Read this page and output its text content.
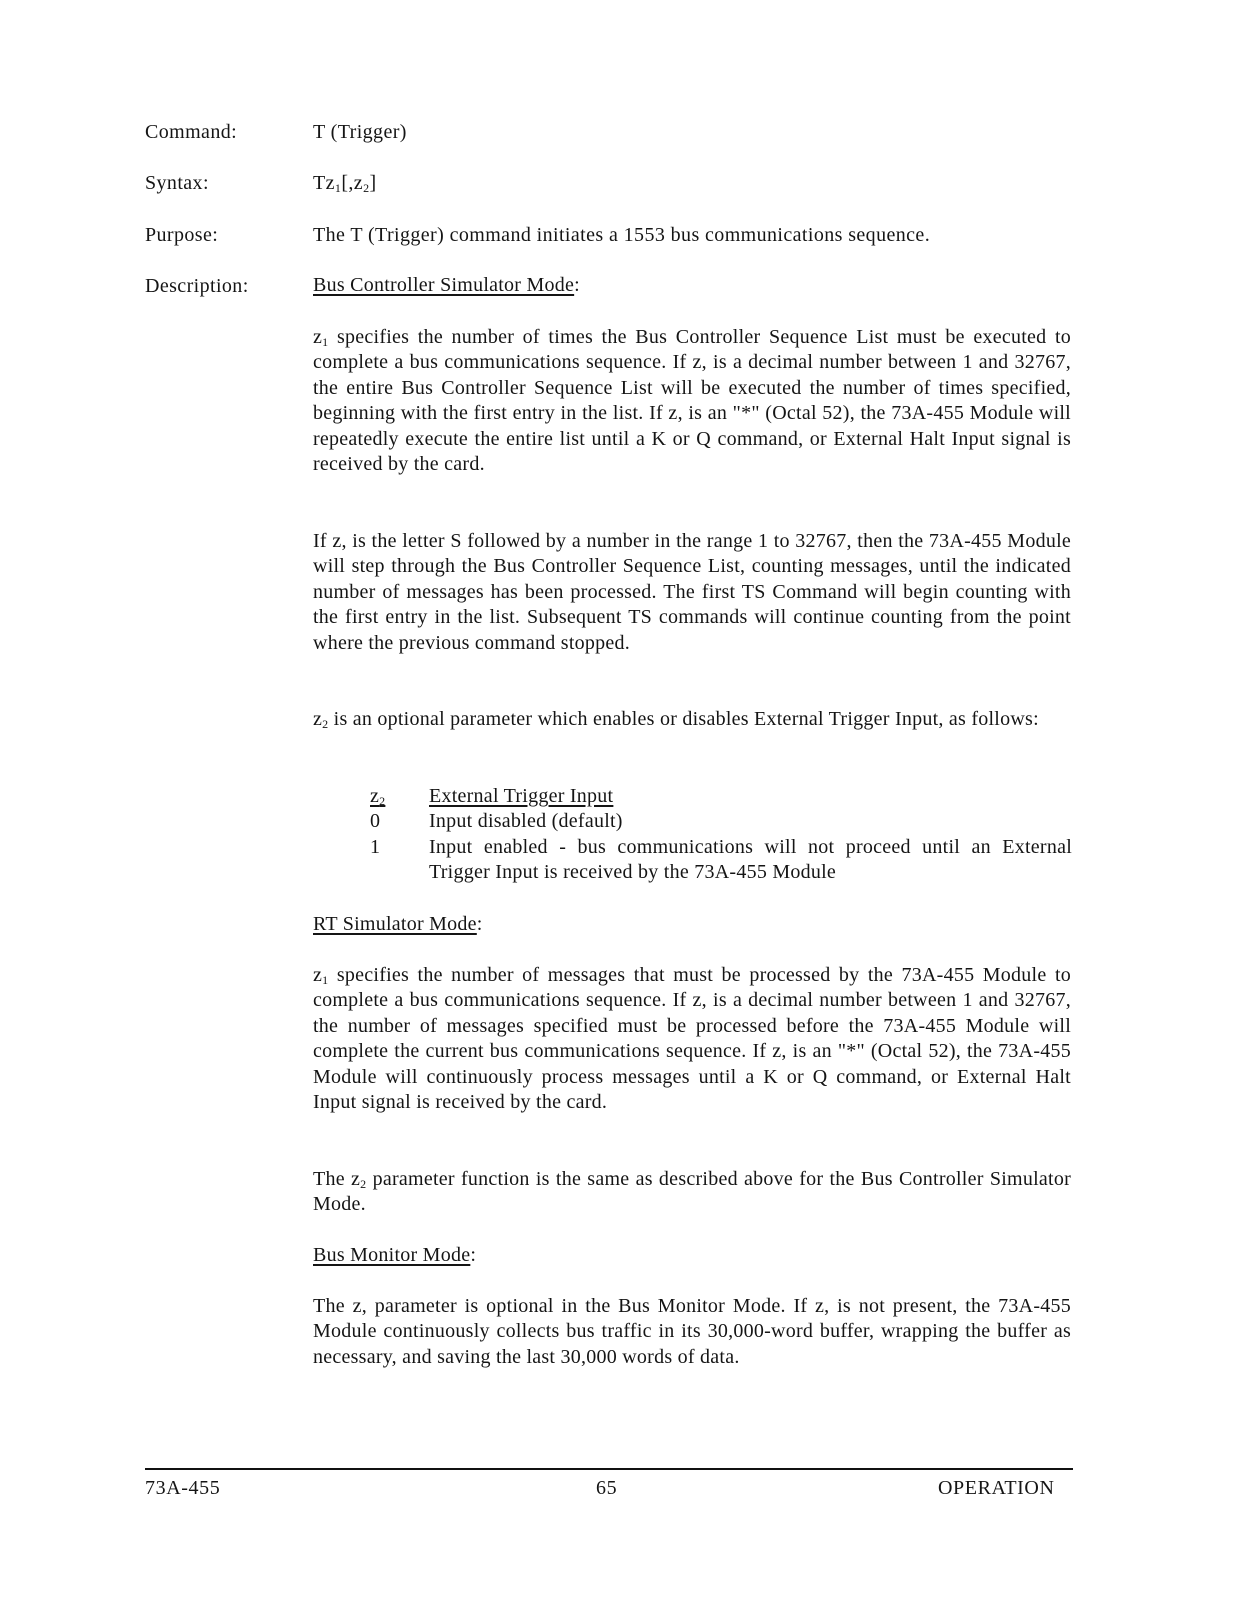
Command:	T (Trigger)
Syntax:	$Tz_1[,z_2]$
Purpose:	The T (Trigger) command initiates a 1553 bus communications sequence.
Description:	Bus Controller Simulator Mode:

$z_1$ specifies the number of times the Bus Controller Sequence List must be executed to complete a bus communications sequence. If z, is a decimal number between 1 and 32767, the entire Bus Controller Sequence List will be executed the number of times specified, beginning with the first entry in the list. If z, is an "*" (Octal 52), the 73A-455 Module will repeatedly execute the entire list until a K or Q command, or External Halt Input signal is received by the card.

If z, is the letter S followed by a number in the range 1 to 32767, then the 73A-455 Module will step through the Bus Controller Sequence List, counting messages, until the indicated number of messages has been processed. The first TS Command will begin counting with the first entry in the list. Subsequent TS commands will continue counting from the point where the previous command stopped.

$z_2$ is an optional parameter which enables or disables External Trigger Input, as follows:

$z_2$	External Trigger Input
0	Input disabled (default)
1	Input enabled - bus communications will not proceed until an External Trigger Input is received by the 73A-455 Module
RT Simulator Mode:

$z_1$ specifies the number of messages that must be processed by the 73A-455 Module to complete a bus communications sequence. If z, is a decimal number between 1 and 32767, the number of messages specified must be processed before the 73A-455 Module will complete the current bus communications sequence. If z, is an "*" (Octal 52), the 73A-455 Module will continuously process messages until a K or Q command, or External Halt Input signal is received by the card.

The $z_2$ parameter function is the same as described above for the Bus Controller Simulator Mode.

Bus Monitor Mode:

The z, parameter is optional in the Bus Monitor Mode. If z, is not present, the 73A-455 Module continuously collects bus traffic in its 30,000-word buffer, wrapping the buffer as necessary, and saving the last 30,000 words of data.

73A-455	65	OPERATION
